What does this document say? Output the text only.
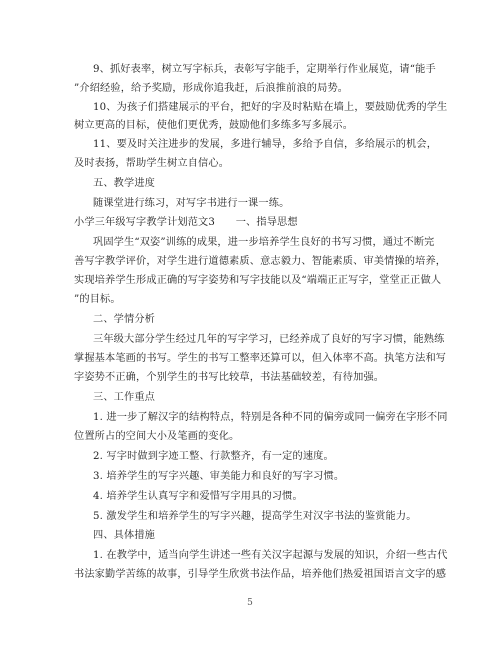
9、抓好表率，树立写字标兵，表彰写字能手，定期举行作业展览，请“能手
”介绍经验，给予奖励，形成你追我赶，后浪推前浪的局势。
10、为孩子们搭建展示的平台，把好的字及时粘贴在墙上，要鼓励优秀的学生
树立更高的目标，使他们更优秀，鼓励他们多练多写多展示。
11、要及时关注进步的发展，多进行辅导，多给予自信，多给展示的机会，
及时表扬，帮助学生树立自信心。
五、教学进度
随课堂进行练习，对写字书进行一课一练。
小学三年级写字教学计划范文3　　一、指导思想
巩固学生“双姿”训练的成果，进一步培养学生良好的书写习惯，通过不断完
善写字教学评价，对学生进行道德素质、意志毅力、智能素质、审美情操的培养，
实现培养学生形成正确的写字姿势和写字技能以及“端端正正写字，堂堂正正做人
”的目标。
二、学情分析
三年级大部分学生经过几年的写字学习，已经养成了良好的写字习惯，能熟练
掌握基本笔画的书写。学生的书写工整率还算可以，但入体率不高。执笔方法和写
字姿势不正确，个别学生的书写比较草，书法基础较差，有待加强。
三、工作重点
1. 进一步了解汉字的结构特点，特别是各种不同的偏旁或同一偏旁在字形不同
位置所占的空间大小及笔画的变化。
2. 写字时做到字迹工整、行款整齐，有一定的速度。
3. 培养学生的写字兴趣、审美能力和良好的写字习惯。
4. 培养学生认真写字和爱惜写字用具的习惯。
5. 激发学生和培养学生的写字兴趣，提高学生对汉字书法的鉴赏能力。
四、具体措施
1. 在教学中，适当向学生讲述一些有关汉字起源与发展的知识，介绍一些古代
书法家勤学苦练的故事，引导学生欣赏书法作品，培养他们热爱祖国语言文字的感
5
